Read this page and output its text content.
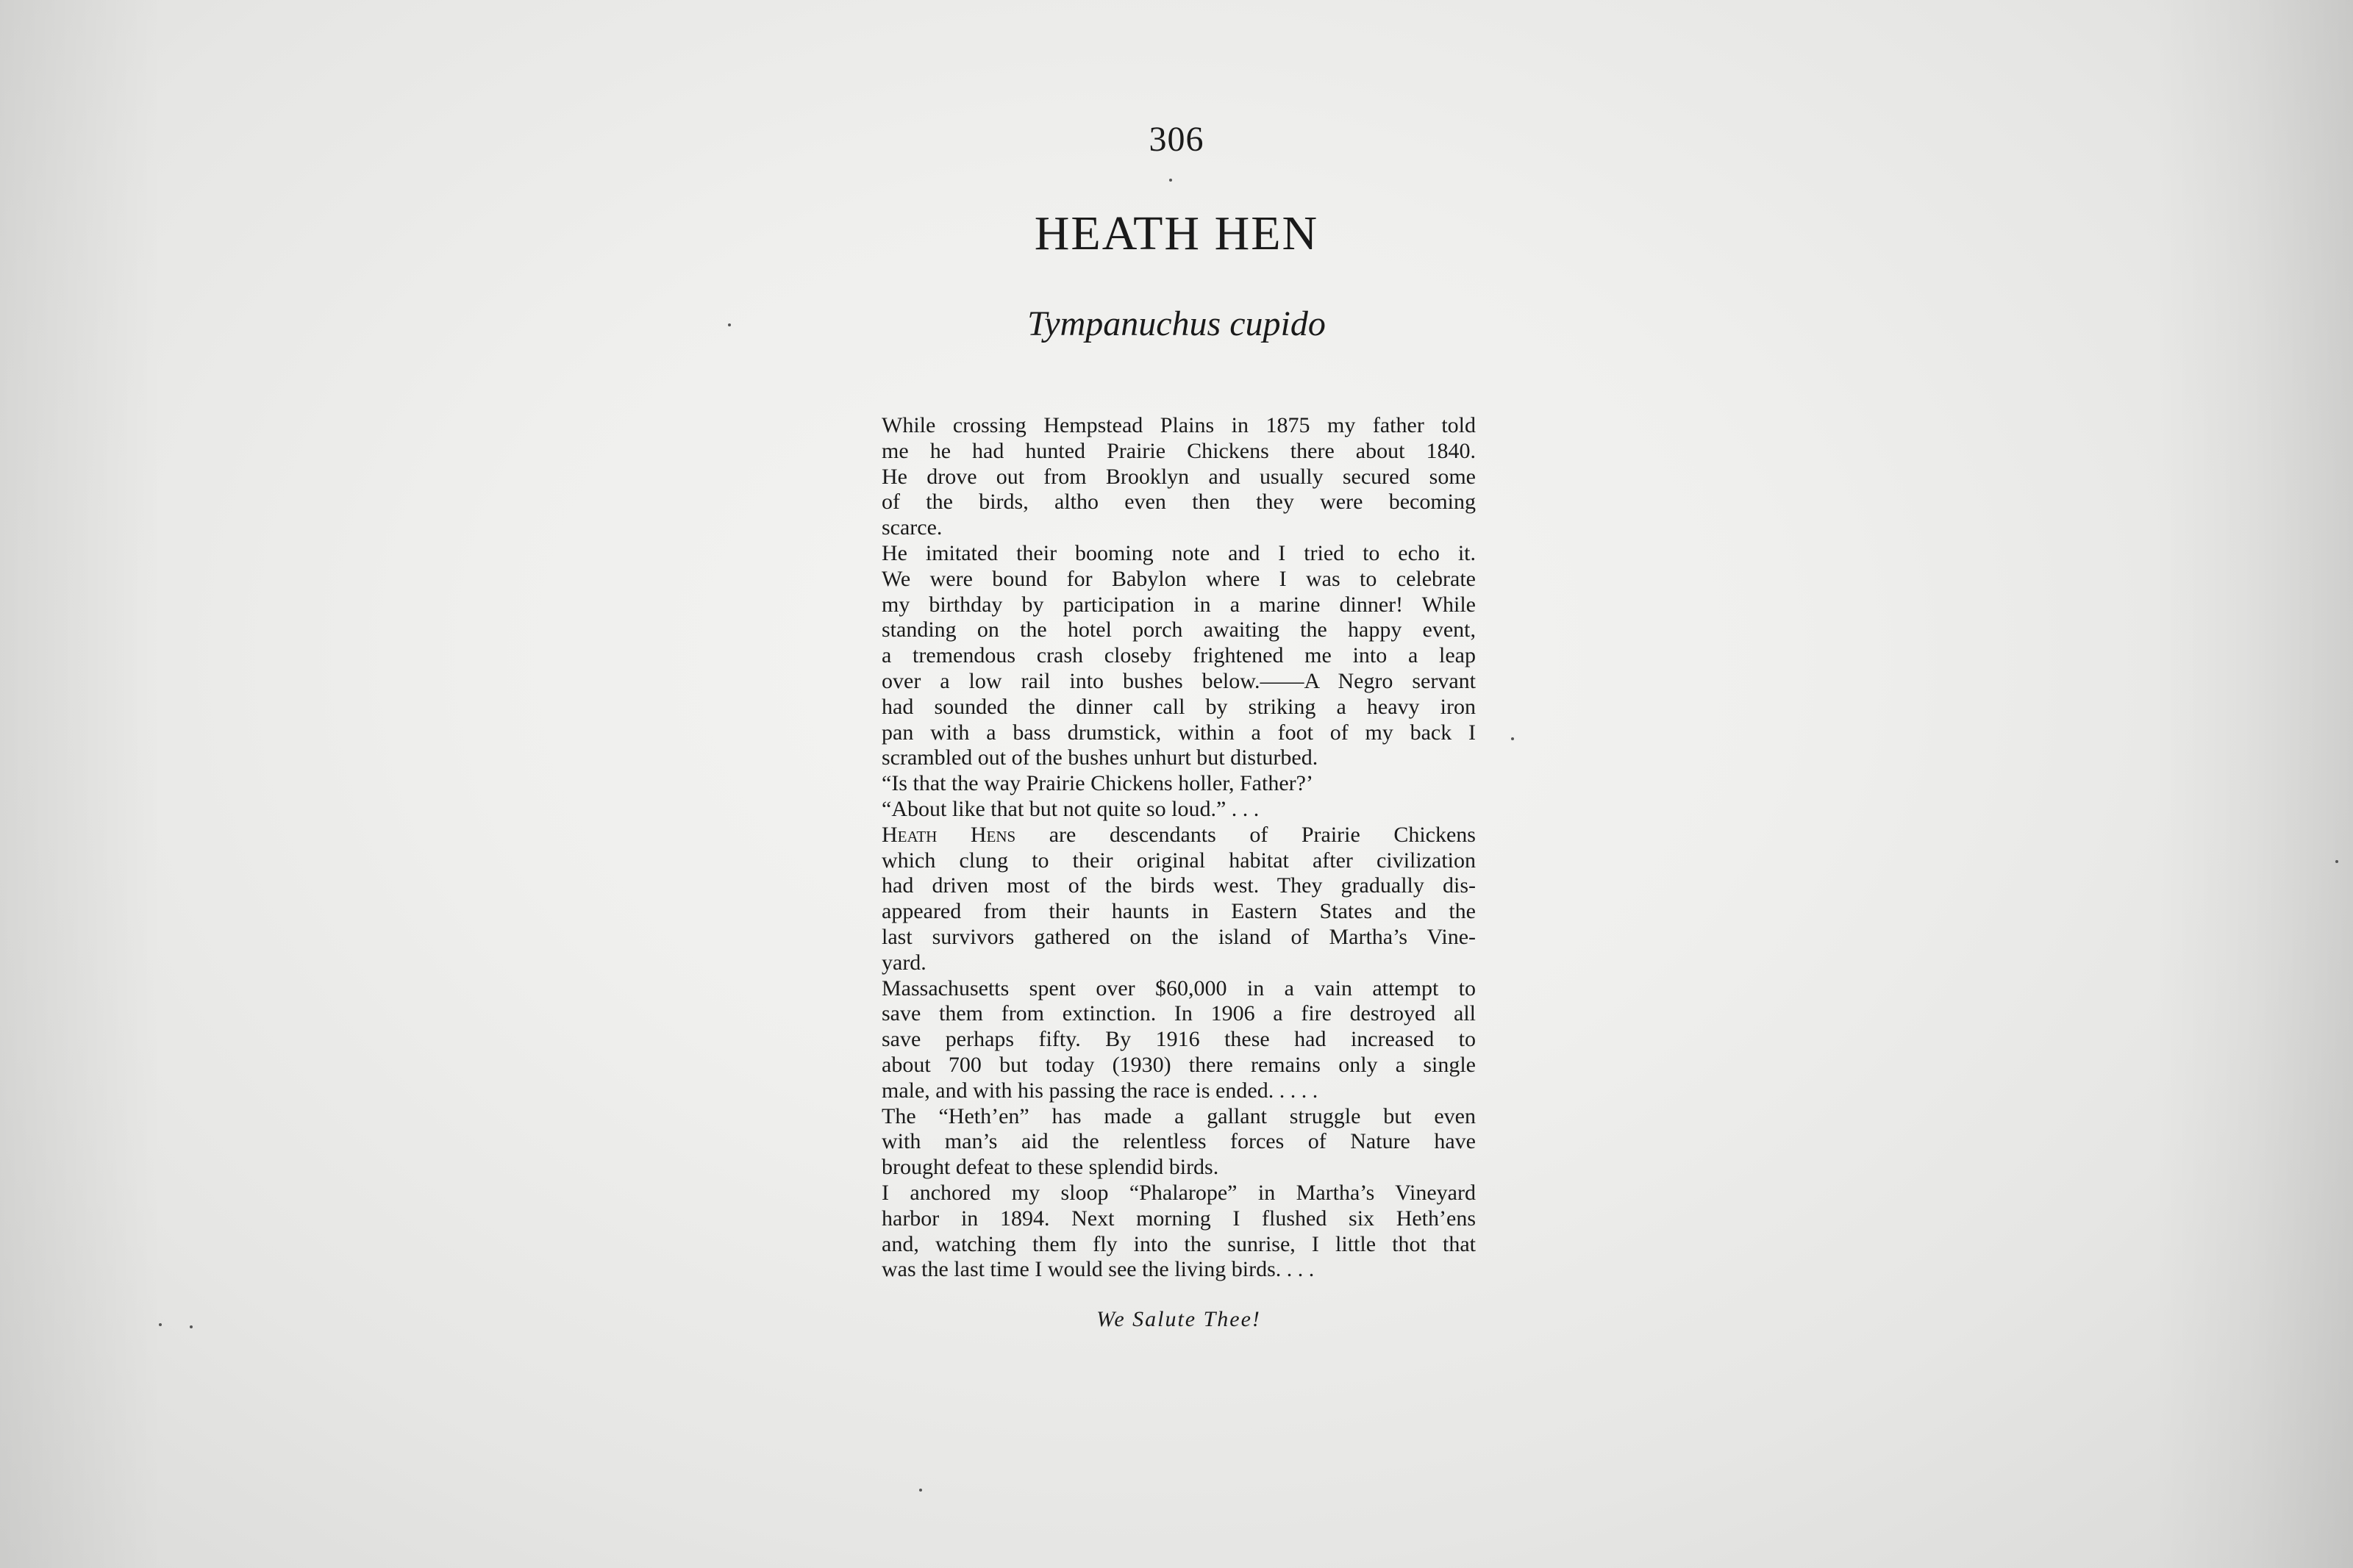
306
HEATH HEN
Tympanuchus cupido
While crossing Hempstead Plains in 1875 my father told
me he had hunted Prairie Chickens there about 1840.
He drove out from Brooklyn and usually secured some
of the birds, altho even then they were becoming
scarce.
He imitated their booming note and I tried to echo it.
We were bound for Babylon where I was to celebrate
my birthday by participation in a marine dinner! While
standing on the hotel porch awaiting the happy event,
a tremendous crash closeby frightened me into a leap
over a low rail into bushes below.——A Negro servant
had sounded the dinner call by striking a heavy iron
pan with a bass drumstick, within a foot of my back I
scrambled out of the bushes unhurt but disturbed.
“Is that the way Prairie Chickens holler, Father?’
“About like that but not quite so loud.” . . .
Heath Hens are descendants of Prairie Chickens
which clung to their original habitat after civilization
had driven most of the birds west. They gradually dis-
appeared from their haunts in Eastern States and the
last survivors gathered on the island of Martha’s Vine-
yard.
Massachusetts spent over $60,000 in a vain attempt to
save them from extinction. In 1906 a fire destroyed all
save perhaps fifty. By 1916 these had increased to
about 700 but today (1930) there remains only a single
male, and with his passing the race is ended. . . . .
The “Heth’en” has made a gallant struggle but even
with man’s aid the relentless forces of Nature have
brought defeat to these splendid birds.
I anchored my sloop “Phalarope” in Martha’s Vineyard
harbor in 1894. Next morning I flushed six Heth’ens
and, watching them fly into the sunrise, I little thot that
was the last time I would see the living birds. . . .
We Salute Thee!
